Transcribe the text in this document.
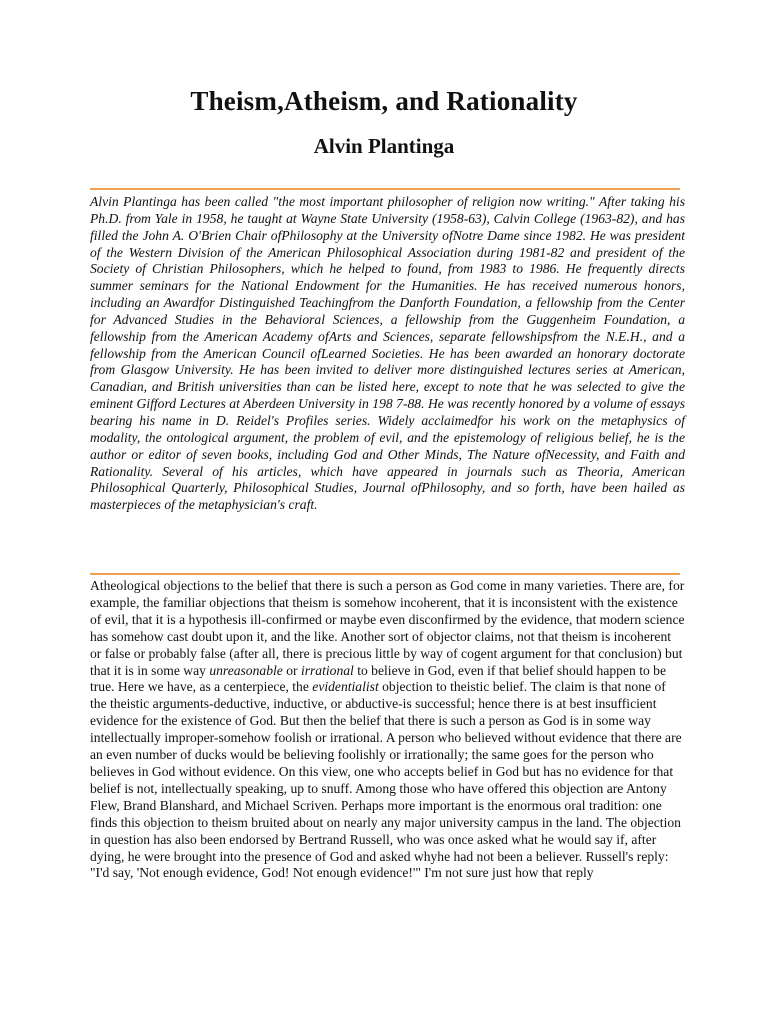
Theism,Atheism, and Rationality
Alvin Plantinga

Alvin Plantinga has been called "the most important philosopher of religion now writing." After taking his Ph.D. from Yale in 1958, he taught at Wayne State University (1958-63), Calvin College (1963-82), and has filled the John A. O'Brien Chair ofPhilosophy at the University ofNotre Dame since 1982. He was president of the Western Division of the American Philosophical Association during 1981-82 and president of the Society of Christian Philosophers, which he helped to found, from 1983 to 1986. He frequently directs summer seminars for the National Endowment for the Humanities. He has received numerous honors, including an Awardfor Distinguished Teachingfrom the Danforth Foundation, a fellowship from the Center for Advanced Studies in the Behavioral Sciences, a fellowship from the Guggenheim Foundation, a fellowship from the American Academy ofArts and Sciences, separate fellowshipsfrom the N.E.H., and a fellowship from the American Council ofLearned Societies. He has been awarded an honorary doctorate from Glasgow University. He has been invited to deliver more distinguished lectures series at American, Canadian, and British universities than can be listed here, except to note that he was selected to give the eminent Gifford Lectures at Aberdeen University in 198 7-88. He was recently honored by a volume of essays bearing his name in D. Reidel's Profiles series. Widely acclaimedfor his work on the metaphysics of modality, the ontological argument, the problem of evil, and the epistemology of religious belief, he is the author or editor of seven books, including God and Other Minds, The Nature ofNecessity, and Faith and Rationality. Several of his articles, which have appeared in journals such as Theoria, American Philosophical Quarterly, Philosophical Studies, Journal ofPhilosophy, and so forth, have been hailed as masterpieces of the metaphysician's craft.

Atheological objections to the belief that there is such a person as God come in many varieties. There are, for example, the familiar objections that theism is somehow incoherent, that it is inconsistent with the existence of evil, that it is a hypothesis ill-confirmed or maybe even disconfirmed by the evidence, that modern science has somehow cast doubt upon it, and the like. Another sort of objector claims, not that theism is incoherent or false or probably false (after all, there is precious little by way of cogent argument for that conclusion) but that it is in some way unreasonable or irrational to believe in God, even if that belief should happen to be true. Here we have, as a centerpiece, the evidentialist objection to theistic belief. The claim is that none of the theistic arguments-deductive, inductive, or abductive-is successful; hence there is at best insufficient evidence for the existence of God. But then the belief that there is such a person as God is in some way intellectually improper-somehow foolish or irrational. A person who believed without evidence that there are an even number of ducks would be believing foolishly or irrationally; the same goes for the person who believes in God without evidence. On this view, one who accepts belief in God but has no evidence for that belief is not, intellectually speaking, up to snuff. Among those who have offered this objection are Antony Flew, Brand Blanshard, and Michael Scriven. Perhaps more important is the enormous oral tradition: one finds this objection to theism bruited about on nearly any major university campus in the land. The objection in question has also been endorsed by Bertrand Russell, who was once asked what he would say if, after dying, he were brought into the presence of God and asked whyhe had not been a believer. Russell's reply: "I'd say, 'Not enough evidence, God! Not enough evidence!'" I'm not sure just how that reply
